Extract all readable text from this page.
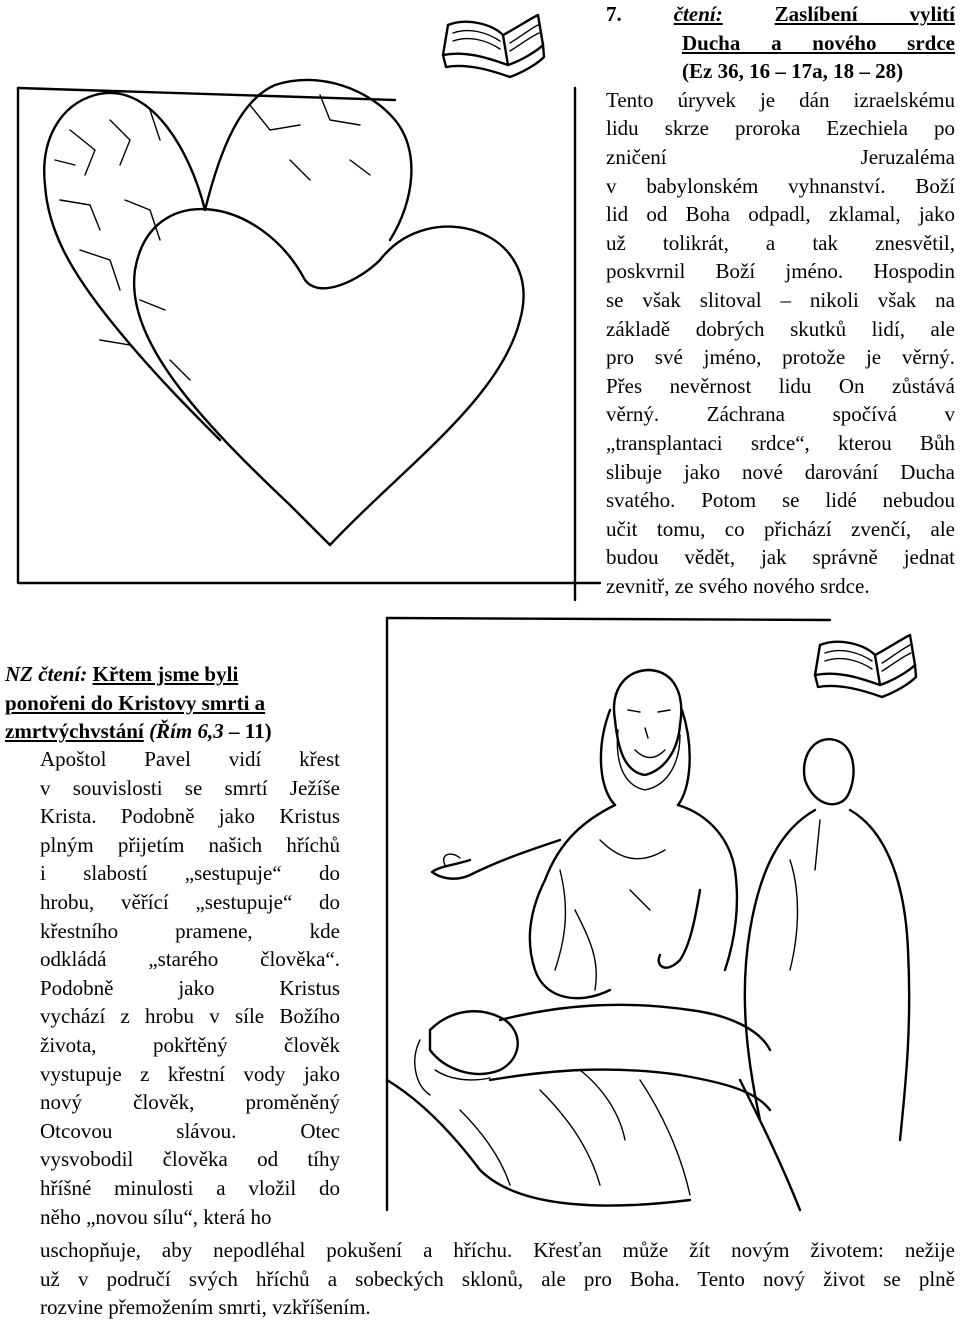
7. čtení: Zaslíbení vylití
Ducha a nového srdce
(Ez 36, 16 – 17a, 18 – 28)
Tento úryvek je dán izraelskému
lidu skrze proroka Ezechiela po
zničení Jeruzaléma
v babylonském vyhnanství. Boží
lid od Boha odpadl, zklamal, jako
už tolikrát, a tak znesvětil,
poskvrnil Boží jméno. Hospodin
se však slitoval – nikoli však na
základě dobrých skutků lidí, ale
pro své jméno, protože je věrný.
Přes nevěrnost lidu On zůstává
věrný. Záchrana spočívá v
„transplantaci srdce“, kterou Bůh
slibuje jako nové darování Ducha
svatého. Potom se lidé nebudou
učit tomu, co přichází zvenčí, ale
budou vědět, jak správně jednat
zevnitř, ze svého nového srdce.
NZ čtení: Křtem jsme byli
ponořeni do Kristovy smrti a
zmrtvýchvstání (Řím 6,3 – 11)
Apoštol Pavel vidí křest
v souvislosti se smrtí Ježíše
Krista. Podobně jako Kristus
plným přijetím našich hříchů
i slabostí „sestupuje“ do
hrobu, věřící „sestupuje“ do
křestního pramene, kde
odkládá „starého člověka“.
Podobně jako Kristus
vychází z hrobu v síle Božího
života, pokřtěný člověk
vystupuje z křestní vody jako
nový člověk, proměněný
Otcovou slávou. Otec
vysvobodil člověka od tíhy
hříšné minulosti a vložil do
něho „novou sílu“, která ho
uschopňuje, aby nepodléhal pokušení a hříchu. Křesťan může žít novým životem: nežije
už v područí svých hříchů a sobeckých sklonů, ale pro Boha. Tento nový život se plně
rozvine přemožením smrti, vzkříšením.
